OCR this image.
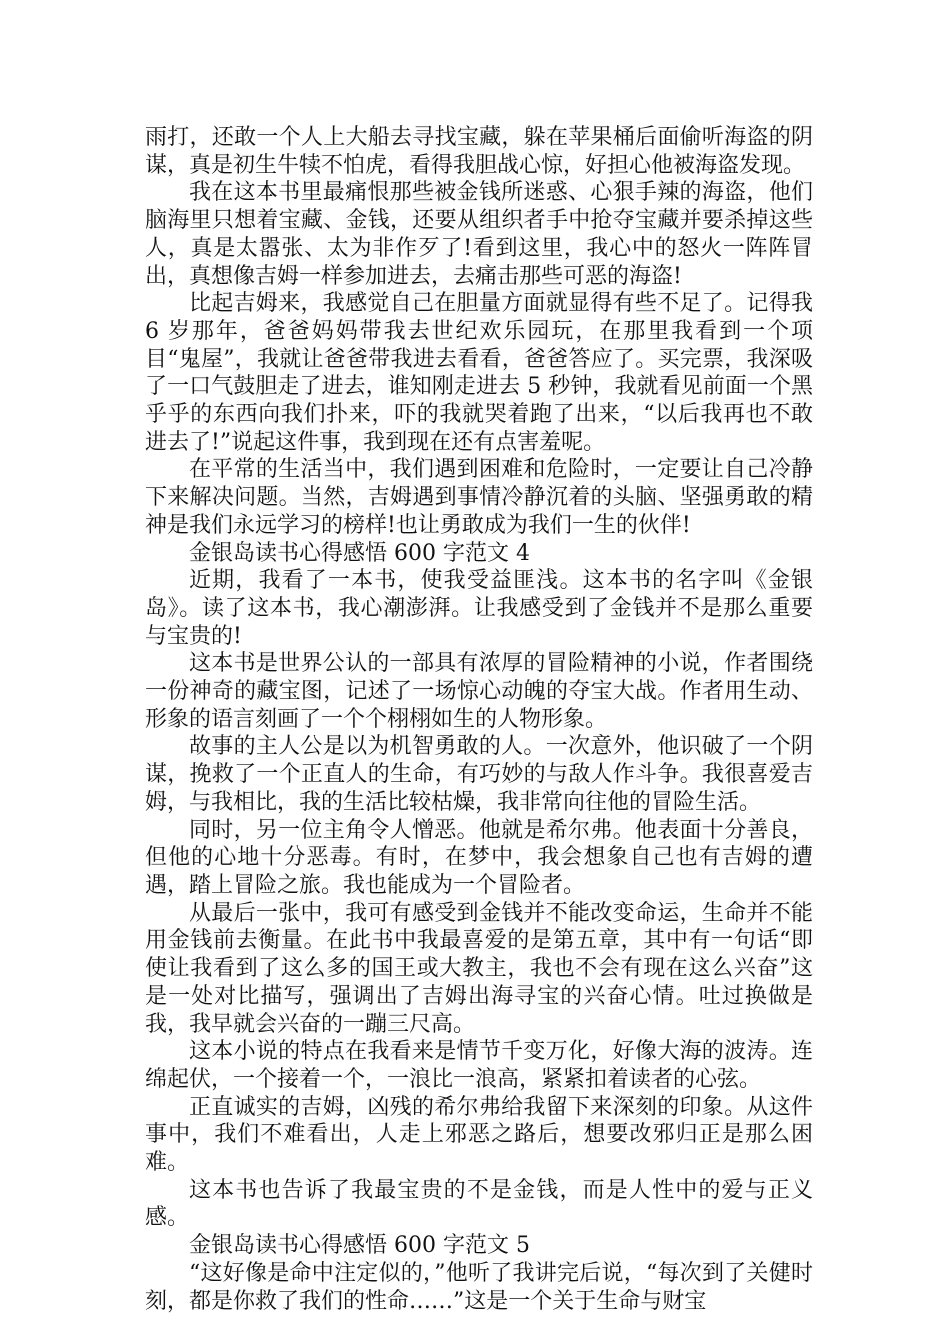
雨打，还敢一个人上大船去寻找宝藏，躲在苹果桶后面偷听海盗的阴谋，真是初生牛犊不怕虎，看得我胆战心惊，好担心他被海盗发现。

我在这本书里最痛恨那些被金钱所迷惑、心狠手辣的海盗，他们脑海里只想着宝藏、金钱，还要从组织者手中抢夺宝藏并要杀掉这些人，真是太嚣张、太为非作歹了!看到这里，我心中的怒火一阵阵冒出，真想像吉姆一样参加进去，去痛击那些可恶的海盗!

比起吉姆来，我感觉自己在胆量方面就显得有些不足了。记得我 6 岁那年，爸爸妈妈带我去世纪欢乐园玩，在那里我看到一个项目“鬼屋”，我就让爸爸带我进去看看，爸爸答应了。买完票，我深吸了一口气鼓胆走了进去，谁知刚走进去 5 秒钟，我就看见前面一个黑乎乎的东西向我们扑来，吓的我就哭着跑了出来，“以后我再也不敢进去了!”说起这件事，我到现在还有点害羞呢。

在平常的生活当中，我们遇到困难和危险时，一定要让自己冷静下来解决问题。当然，吉姆遇到事情冷静沉着的头脑、坚强勇敢的精神是我们永远学习的榜样!也让勇敢成为我们一生的伙伴!

金银岛读书心得感悟 600 字范文 4

近期，我看了一本书，使我受益匪浅。这本书的名字叫《金银岛》。读了这本书，我心潮澎湃。让我感受到了金钱并不是那么重要与宝贵的!

这本书是世界公认的一部具有浓厚的冒险精神的小说，作者围绕一份神奇的藏宝图，记述了一场惊心动魄的夺宝大战。作者用生动、形象的语言刻画了一个个栩栩如生的人物形象。

故事的主人公是以为机智勇敢的人。一次意外，他识破了一个阴谋，挽救了一个正直人的生命，有巧妙的与敌人作斗争。我很喜爱吉姆，与我相比，我的生活比较枯燥，我非常向往他的冒险生活。

同时，另一位主角令人憎恶。他就是希尔弗。他表面十分善良，但他的心地十分恶毒。有时，在梦中，我会想象自己也有吉姆的遭遇，踏上冒险之旅。我也能成为一个冒险者。

从最后一张中，我可有感受到金钱并不能改变命运，生命并不能用金钱前去衡量。在此书中我最喜爱的是第五章，其中有一句话“即使让我看到了这么多的国王或大教主，我也不会有现在这么兴奋”这是一处对比描写，强调出了吉姆出海寻宝的兴奋心情。吐过换做是我，我早就会兴奋的一蹦三尺高。

这本小说的特点在我看来是情节千变万化，好像大海的波涛。连绵起伏，一个接着一个，一浪比一浪高，紧紧扣着读者的心弦。

正直诚实的吉姆，凶残的希尔弗给我留下来深刻的印象。从这件事中，我们不难看出，人走上邪恶之路后，想要改邪归正是那么困难。

这本书也告诉了我最宝贵的不是金钱，而是人性中的爱与正义感。

金银岛读书心得感悟 600 字范文 5

“这好像是命中注定似的，”他听了我讲完后说，“每次到了关健时刻，都是你救了我们的性命……”这是一个关于生命与财宝
